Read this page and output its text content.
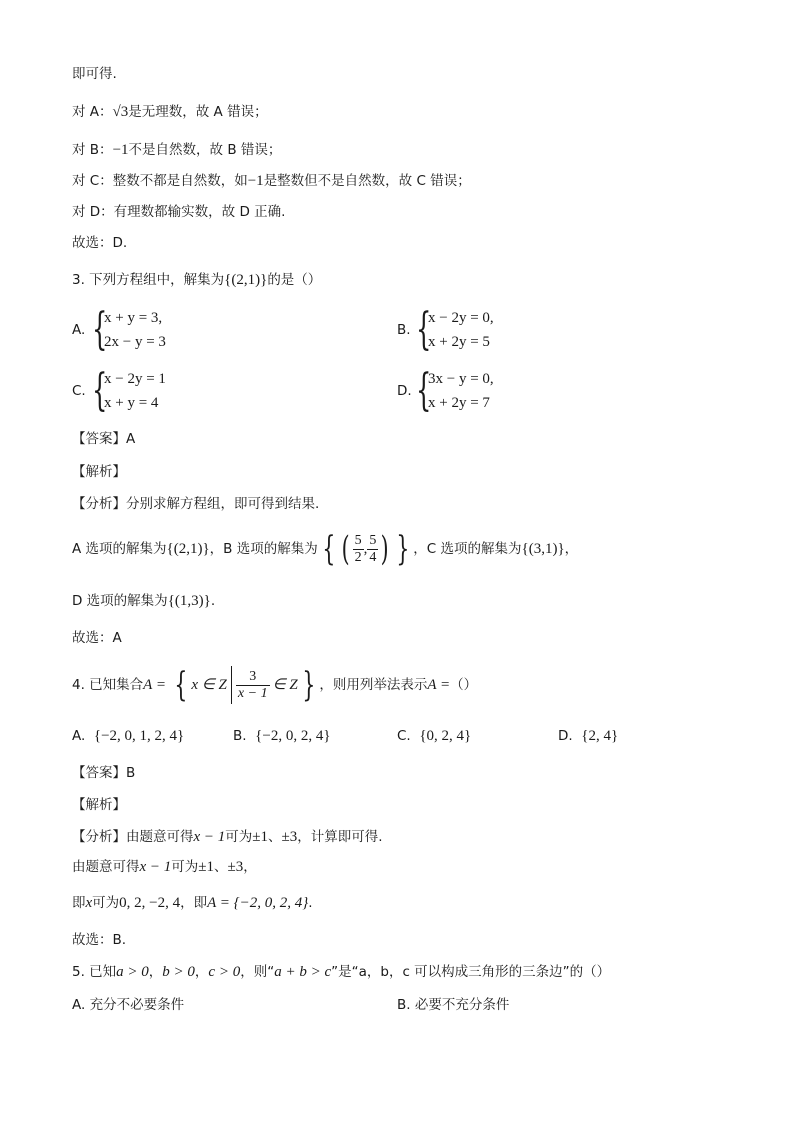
即可得.
对 A：√3是无理数，故 A 错误；
对 B：−1不是自然数，故 B 错误；
对 C：整数不都是自然数，如−1是整数但不是自然数，故 C 错误；
对 D：有理数都输实数，故 D 正确.
故选：D.
3. 下列方程组中，解集为{(2,1)}的是（）
A. {
x + y = 3,
2x − y = 3
B. {
x − 2y = 0,
x + 2y = 5
C. {
x − 2y = 1
x + y = 4
D. {
3x − y = 0,
x + 2y = 7
【答案】A
【解析】
【分析】分别求解方程组，即可得到结果.
A 选项的解集为{(2,1)}，B 选项的解集为 { ( $\frac{5}{2}$ , $\frac{5}{4}$ ) } ，C 选项的解集为{(3,1)}，
D 选项的解集为{(1,3)}.
故选：A
4. 已知集合A = { x ∈ Z $\frac{3}{x - 1}$ ∈ Z } ，则用列举法表示A =（）
A. {−2, 0, 1, 2, 4}	B. {−2, 0, 2, 4}	C. {0, 2, 4}	D. {2, 4}
【答案】B
【解析】
【分析】由题意可得x − 1可为±1、±3，计算即可得.
由题意可得x − 1可为±1、±3，
即x可为0, 2, −2, 4，即A = {−2, 0, 2, 4}.
故选：B.
5. 已知a > 0，b > 0，c > 0，则“a + b > c”是“a，b，c 可以构成三角形的三条边”的（）
A. 充分不必要条件	B. 必要不充分条件
